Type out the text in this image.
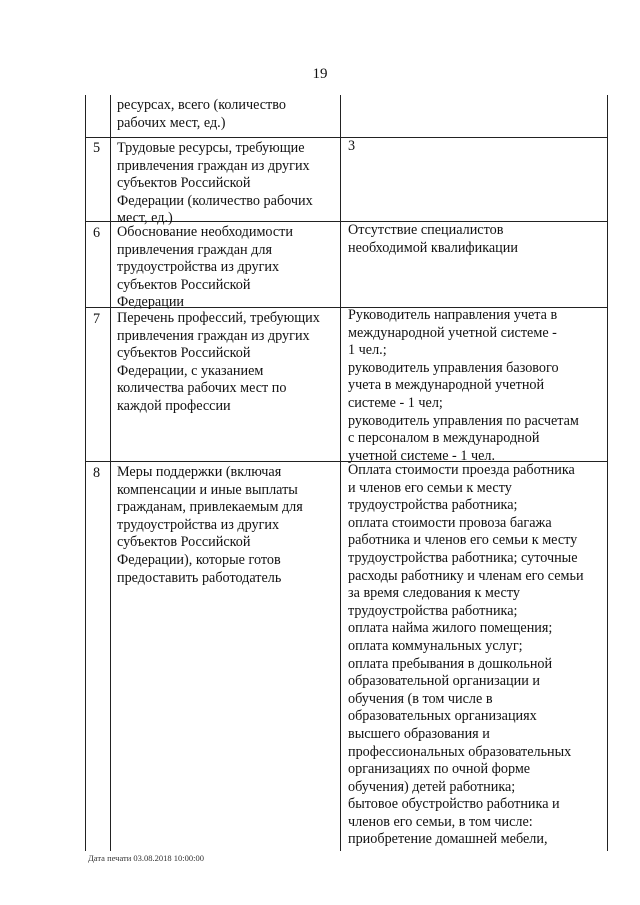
19
ресурсах, всего (количество
рабочих мест, ед.)
5 Трудовые ресурсы, требующие
привлечения граждан из других
субъектов Российской
Федерации (количество рабочих
мест, ед.)
3
6 Обоснование необходимости
привлечения граждан для
трудоустройства из других
субъектов Российской
Федерации
Отсутствие специалистов
необходимой квалификации
7 Перечень профессий, требующих
привлечения граждан из других
субъектов Российской
Федерации, с указанием
количества рабочих мест по
каждой профессии
Руководитель направления учета в
международной учетной системе -
1 чел.;
руководитель управления базового
учета в международной учетной
системе - 1 чел;
руководитель управления по расчетам
с персоналом в международной
учетной системе - 1 чел.
8 Меры поддержки (включая
компенсации и иные выплаты
гражданам, привлекаемым для
трудоустройства из других
субъектов Российской
Федерации), которые готов
предоставить работодатель
Оплата стоимости проезда работника
и членов его семьи к месту
трудоустройства работника;
оплата стоимости провоза багажа
работника и членов его семьи к месту
трудоустройства работника; суточные
расходы работнику и членам его семьи
за время следования к месту
трудоустройства работника;
оплата найма жилого помещения;
оплата коммунальных услуг;
оплата пребывания в дошкольной
образовательной организации и
обучения (в том числе в
образовательных организациях
высшего образования и
профессиональных образовательных
организациях по очной форме
обучения) детей работника;
бытовое обустройство работника и
членов его семьи, в том числе:
приобретение домашней мебели,
Дата печати 03.08.2018 10:00:00
